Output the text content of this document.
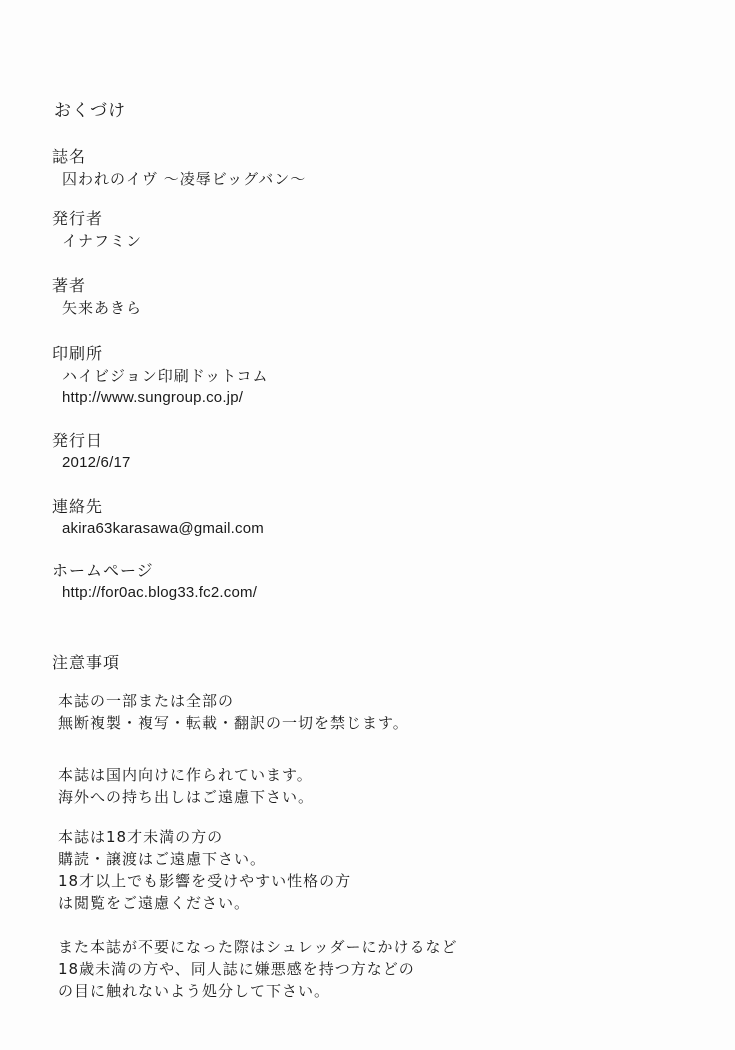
おくづけ
誌名
囚われのイヴ 〜凌辱ビッグバン〜
発行者
イナフミン
著者
矢来あきら
印刷所
ハイビジョン印刷ドットコム
http://www.sungroup.co.jp/
発行日
2012/6/17
連絡先
akira63karasawa@gmail.com
ホームページ
http://for0ac.blog33.fc2.com/
注意事項
本誌の一部または全部の
無断複製・複写・転載・翻訳の一切を禁じます。
本誌は国内向けに作られています。
海外への持ち出しはご遠慮下さい。
本誌は18才未満の方の
購読・譲渡はご遠慮下さい。
18才以上でも影響を受けやすい性格の方
は閲覧をご遠慮ください。
また本誌が不要になった際はシュレッダーにかけるなど
18歳未満の方や、同人誌に嫌悪感を持つ方などの
の目に触れないよう処分して下さい。
